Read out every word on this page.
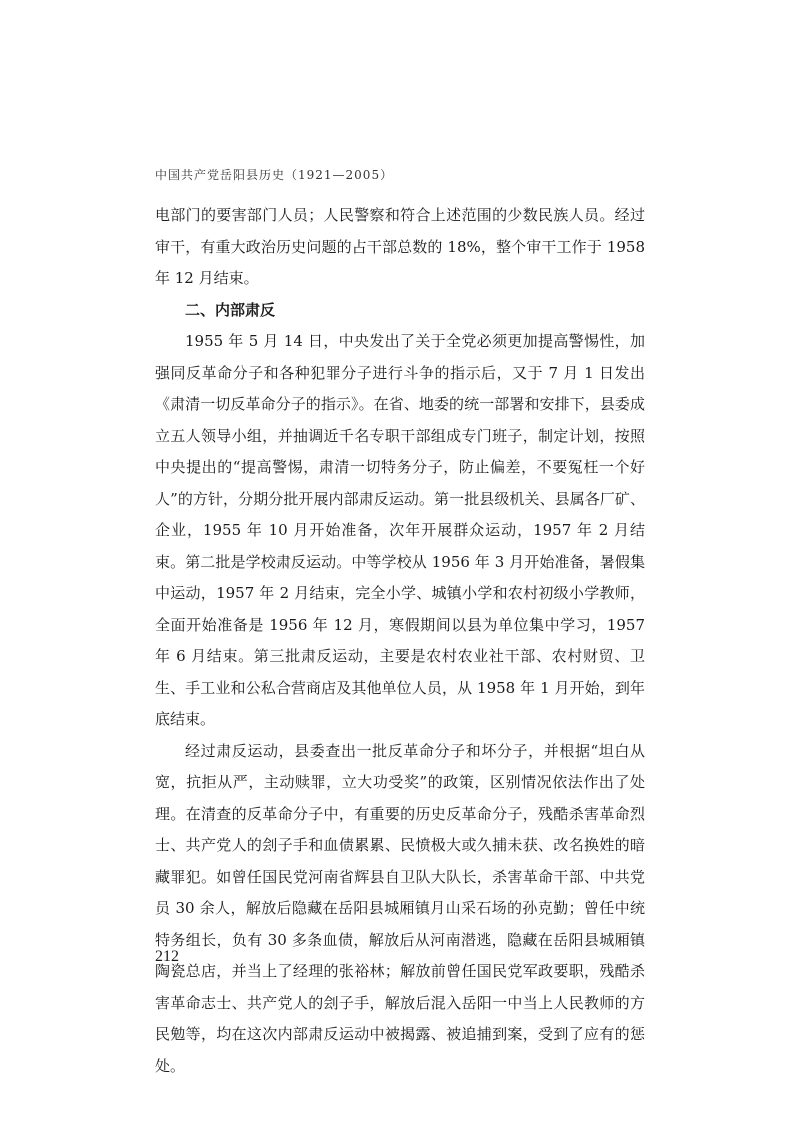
中国共产党岳阳县历史（1921—2005）

电部门的要害部门人员；人民警察和符合上述范围的少数民族人员。经过审干，有重大政治历史问题的占干部总数的 18%，整个审干工作于 1958 年 12 月结束。

二、内部肃反

1955 年 5 月 14 日，中央发出了关于全党必须更加提高警惕性，加强同反革命分子和各种犯罪分子进行斗争的指示后，又于 7 月 1 日发出《肃清一切反革命分子的指示》。在省、地委的统一部署和安排下，县委成立五人领导小组，并抽调近千名专职干部组成专门班子，制定计划，按照中央提出的“提高警惕，肃清一切特务分子，防止偏差，不要冤枉一个好人”的方针，分期分批开展内部肃反运动。第一批县级机关、县属各厂矿、企业，1955 年 10 月开始准备，次年开展群众运动，1957 年 2 月结束。第二批是学校肃反运动。中等学校从 1956 年 3 月开始准备，暑假集中运动，1957 年 2 月结束，完全小学、城镇小学和农村初级小学教师，全面开始准备是 1956 年 12 月，寒假期间以县为单位集中学习，1957 年 6 月结束。第三批肃反运动，主要是农村农业社干部、农村财贸、卫生、手工业和公私合营商店及其他单位人员，从 1958 年 1 月开始，到年底结束。

经过肃反运动，县委查出一批反革命分子和坏分子，并根据“坦白从宽，抗拒从严，主动赎罪，立大功受奖”的政策，区别情况依法作出了处理。在清查的反革命分子中，有重要的历史反革命分子，残酷杀害革命烈士、共产党人的刽子手和血债累累、民愤极大或久捕未获、改名换姓的暗藏罪犯。如曾任国民党河南省辉县自卫队大队长，杀害革命干部、中共党员 30 余人，解放后隐藏在岳阳县城厢镇月山采石场的孙克勤；曾任中统特务组长，负有 30 多条血债，解放后从河南潜逃，隐藏在岳阳县城厢镇陶瓷总店，并当上了经理的张裕林；解放前曾任国民党军政要职，残酷杀害革命志士、共产党人的刽子手，解放后混入岳阳一中当上人民教师的方民勉等，均在这次内部肃反运动中被揭露、被追捕到案，受到了应有的惩处。

212
